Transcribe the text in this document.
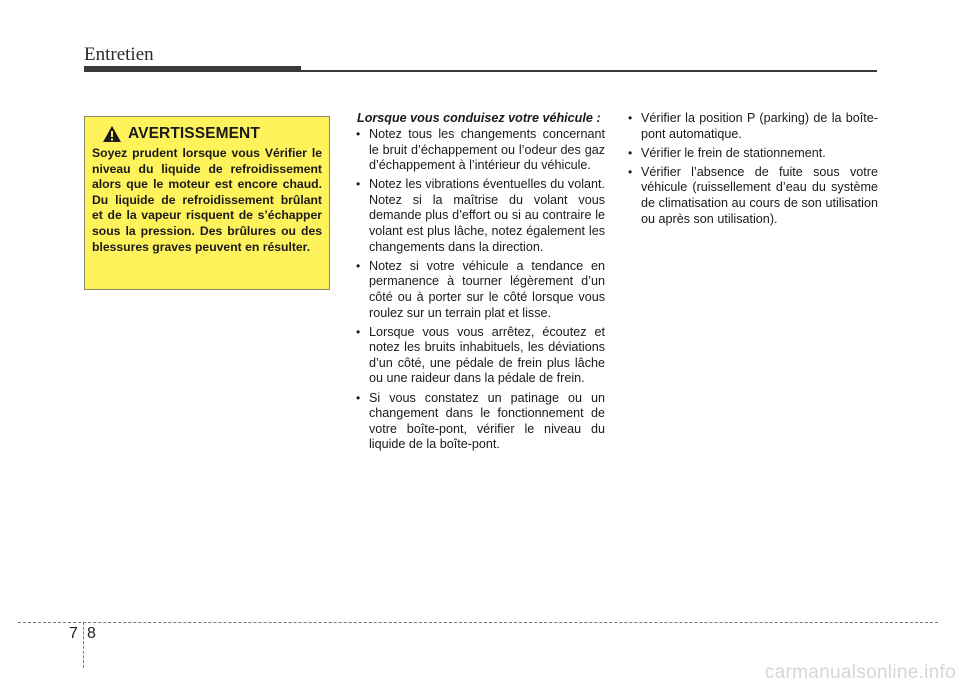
Entretien
AVERTISSEMENT
Soyez prudent lorsque vous Vérifier le niveau du liquide de refroidissement alors que le moteur est encore chaud. Du liquide de refroidissement brûlant et de la vapeur risquent de s’échapper sous la pression. Des brûlures ou des blessures graves peuvent en résulter.
Lorsque vous conduisez votre véhicule :
• Notez tous les changements concernant le bruit d’échappement ou l’odeur des gaz d’échappement à l’intérieur du véhicule.
• Notez les vibrations éventuelles du volant. Notez si la maîtrise du volant vous demande plus d’effort ou si au contraire le volant est plus lâche, notez également les changements dans la direction.
• Notez si votre véhicule a tendance en permanence à tourner légèrement d’un côté ou à porter sur le côté lorsque vous roulez sur un terrain plat et lisse.
• Lorsque vous vous arrêtez, écoutez et notez les bruits inhabituels, les déviations d’un côté, une pédale de frein plus lâche ou une raideur dans la pédale de frein.
• Si vous constatez un patinage ou un changement dans le fonctionnement de votre boîte-pont, vérifier le niveau du liquide de la boîte-pont.
• Vérifier la position P (parking) de la boîte-pont automatique.
• Vérifier le frein de stationnement.
• Vérifier l’absence de fuite sous votre véhicule (ruissellement d’eau du système de climatisation au cours de son utilisation ou après son utilisation).
7 8
carmanualsonline.info
